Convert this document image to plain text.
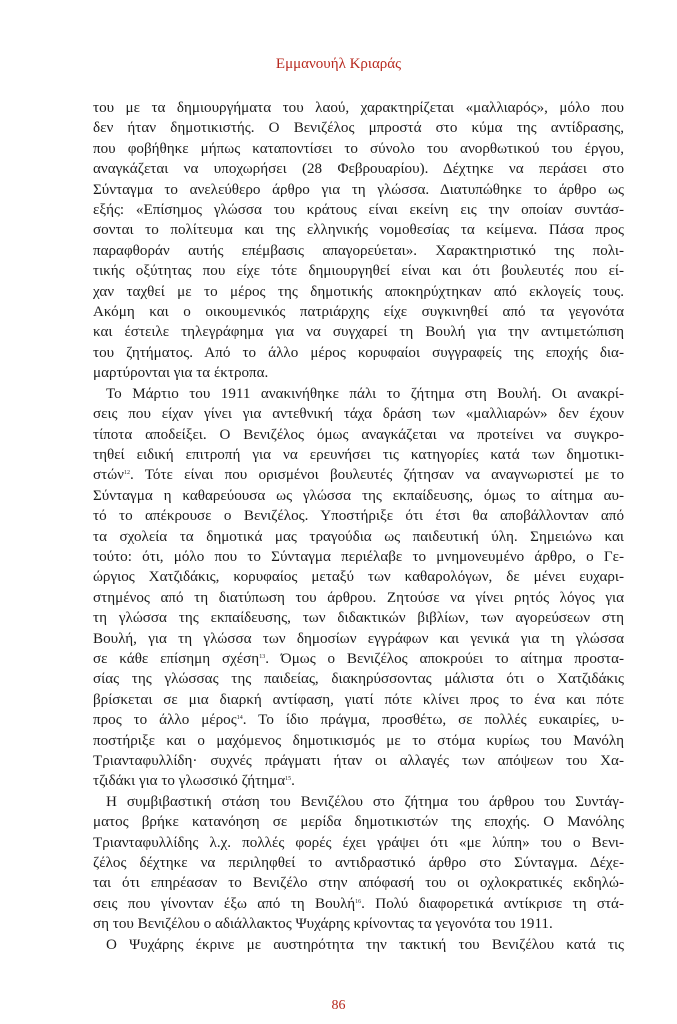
Εμμανουήλ Κριαράς

του με τα δημιουργήματα του λαού, χαρακτηρίζεται «μαλλιαρός», μόλο που
δεν ήταν δημοτικιστής. Ο Βενιζέλος μπροστά στο κύμα της αντίδρασης,
που φοβήθηκε μήπως καταποντίσει το σύνολο του ανορθωτικού του έργου,
αναγκάζεται να υποχωρήσει (28 Φεβρουαρίου). Δέχτηκε να περάσει στο
Σύνταγμα το ανελεύθερο άρθρο για τη γλώσσα. Διατυπώθηκε το άρθρο ως
εξής: «Επίσημος γλώσσα του κράτους είναι εκείνη εις την οποίαν συντάσ-
σονται το πολίτευμα και της ελληνικής νομοθεσίας τα κείμενα. Πάσα προς
παραφθοράν αυτής επέμβασις απαγορεύεται». Χαρακτηριστικό της πολι-
τικής οξύτητας που είχε τότε δημιουργηθεί είναι και ότι βουλευτές που εί-
χαν ταχθεί με το μέρος της δημοτικής αποκηρύχτηκαν από εκλογείς τους.
Ακόμη και ο οικουμενικός πατριάρχης είχε συγκινηθεί από τα γεγονότα
και έστειλε τηλεγράφημα για να συγχαρεί τη Βουλή για την αντιμετώπιση
του ζητήματος. Από το άλλο μέρος κορυφαίοι συγγραφείς της εποχής δια-
μαρτύρονται για τα έκτροπα.

Το Μάρτιο του 1911 ανακινήθηκε πάλι το ζήτημα στη Βουλή. Οι ανακρί-
σεις που είχαν γίνει για αντεθνική τάχα δράση των «μαλλιαρών» δεν έχουν
τίποτα αποδείξει. Ο Βενιζέλος όμως αναγκάζεται να προτείνει να συγκρο-
τηθεί ειδική επιτροπή για να ερευνήσει τις κατηγορίες κατά των δημοτικι-
στών$^{12}$. Τότε είναι που ορισμένοι βουλευτές ζήτησαν να αναγνωριστεί με το
Σύνταγμα η καθαρεύουσα ως γλώσσα της εκπαίδευσης, όμως το αίτημα αυ-
τό το απέκρουσε ο Βενιζέλος. Υποστήριξε ότι έτσι θα αποβάλλονταν από
τα σχολεία τα δημοτικά μας τραγούδια ως παιδευτική ύλη. Σημειώνω και
τούτο: ότι, μόλο που το Σύνταγμα περιέλαβε το μνημονευμένο άρθρο, ο Γε-
ώργιος Χατζιδάκις, κορυφαίος μεταξύ των καθαρολόγων, δε μένει ευχαρι-
στημένος από τη διατύπωση του άρθρου. Ζητούσε να γίνει ρητός λόγος για
τη γλώσσα της εκπαίδευσης, των διδακτικών βιβλίων, των αγορεύσεων στη
Βουλή, για τη γλώσσα των δημοσίων εγγράφων και γενικά για τη γλώσσα
σε κάθε επίσημη σχέση$^{13}$. Όμως ο Βενιζέλος αποκρούει το αίτημα προστα-
σίας της γλώσσας της παιδείας, διακηρύσσοντας μάλιστα ότι ο Χατζιδάκις
βρίσκεται σε μια διαρκή αντίφαση, γιατί πότε κλίνει προς το ένα και πότε
προς το άλλο μέρος$^{14}$. Το ίδιο πράγμα, προσθέτω, σε πολλές ευκαιρίες, υ-
ποστήριξε και ο μαχόμενος δημοτικισμός με το στόμα κυρίως του Μανόλη
Τριανταφυλλίδη· συχνές πράγματι ήταν οι αλλαγές των απόψεων του Χα-
τζιδάκι για το γλωσσικό ζήτημα$^{15}$.

Η συμβιβαστική στάση του Βενιζέλου στο ζήτημα του άρθρου του Συντάγ-
ματος βρήκε κατανόηση σε μερίδα δημοτικιστών της εποχής. Ο Μανόλης
Τριανταφυλλίδης λ.χ. πολλές φορές έχει γράψει ότι «με λύπη» του ο Βενι-
ζέλος δέχτηκε να περιληφθεί το αντιδραστικό άρθρο στο Σύνταγμα. Δέχε-
ται ότι επηρέασαν το Βενιζέλο στην απόφασή του οι οχλοκρατικές εκδηλώ-
σεις που γίνονταν έξω από τη Βουλή$^{16}$. Πολύ διαφορετικά αντίκρισε τη στά-
ση του Βενιζέλου ο αδιάλλακτος Ψυχάρης κρίνοντας τα γεγονότα του 1911.

Ο Ψυχάρης έκρινε με αυστηρότητα την τακτική του Βενιζέλου κατά τις

86
